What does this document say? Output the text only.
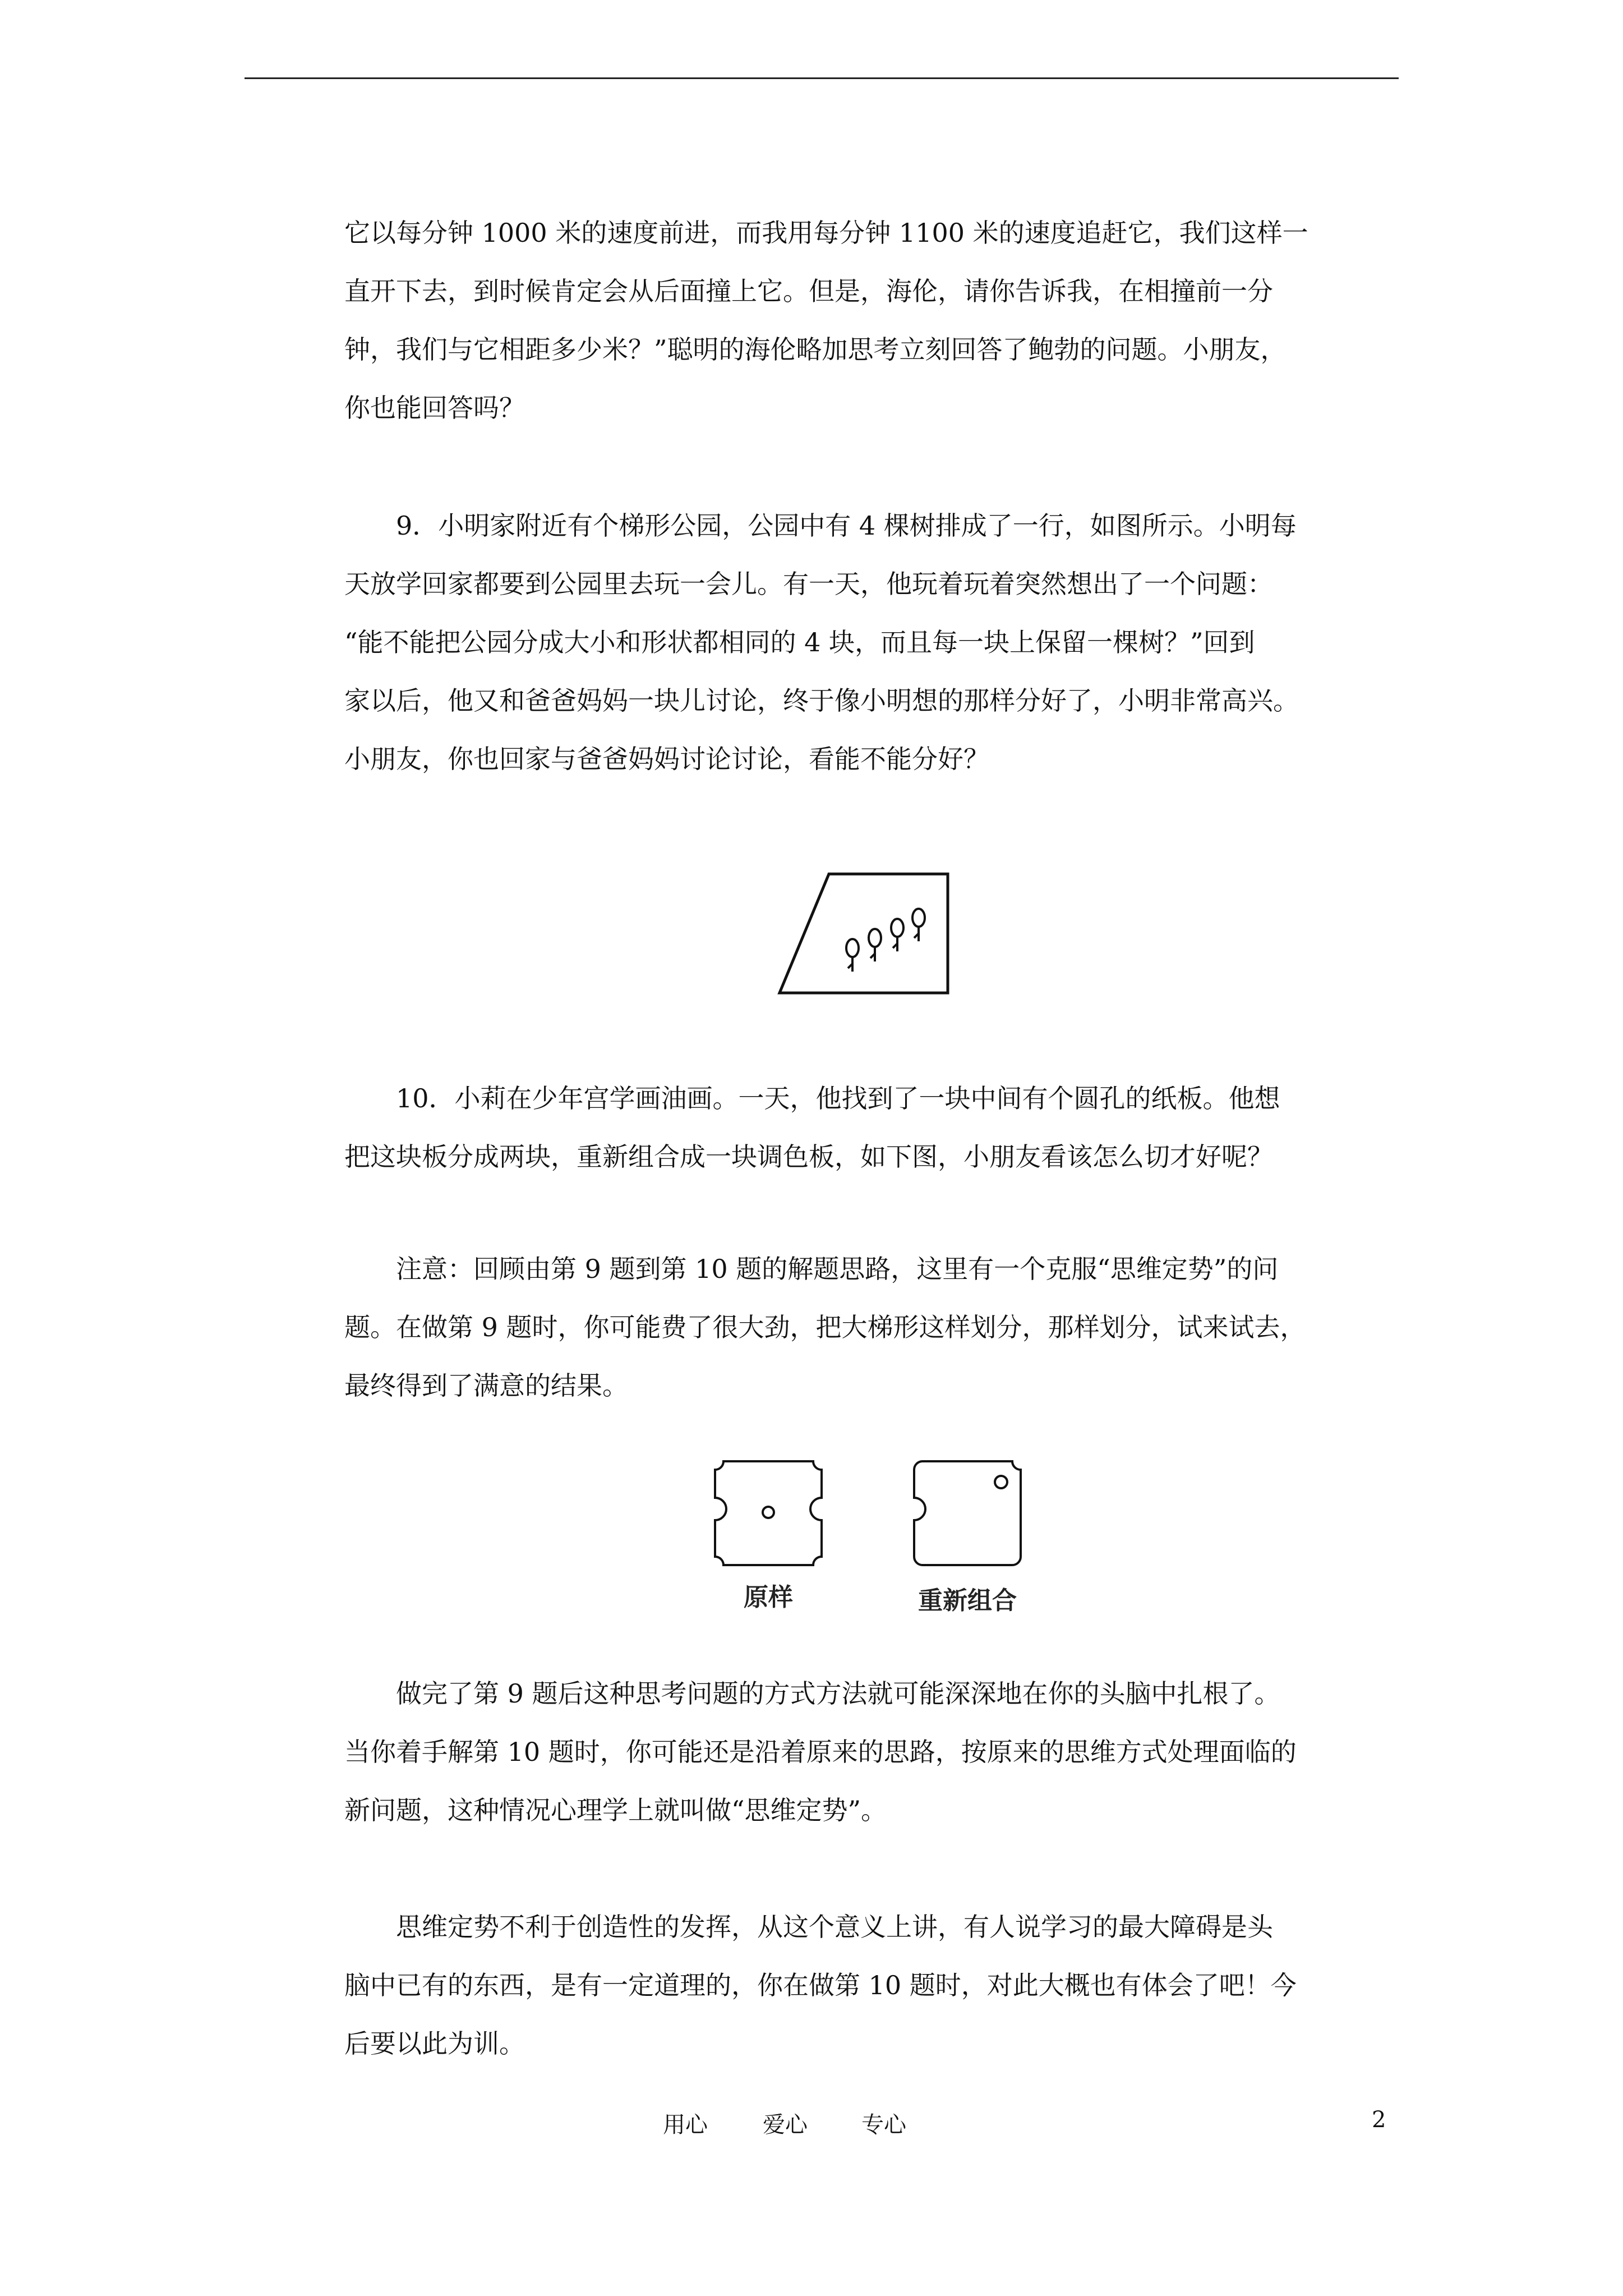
它以每分钟 1000 米的速度前进，而我用每分钟 1100 米的速度追赶它，我们这样一
直开下去，到时候肯定会从后面撞上它。但是，海伦，请你告诉我，在相撞前一分
钟，我们与它相距多少米？”聪明的海伦略加思考立刻回答了鲍勃的问题。小朋友，
你也能回答吗？
9．小明家附近有个梯形公园，公园中有 4 棵树排成了一行，如图所示。小明每
天放学回家都要到公园里去玩一会儿。有一天，他玩着玩着突然想出了一个问题：
“能不能把公园分成大小和形状都相同的 4 块，而且每一块上保留一棵树？”回到
家以后，他又和爸爸妈妈一块儿讨论，终于像小明想的那样分好了，小明非常高兴。
小朋友，你也回家与爸爸妈妈讨论讨论，看能不能分好？
10．小莉在少年宫学画油画。一天，他找到了一块中间有个圆孔的纸板。他想
把这块板分成两块，重新组合成一块调色板，如下图，小朋友看该怎么切才好呢？
注意：回顾由第 9 题到第 10 题的解题思路，这里有一个克服“思维定势”的问
题。在做第 9 题时，你可能费了很大劲，把大梯形这样划分，那样划分，试来试去，
最终得到了满意的结果。
原样	重新组合
做完了第 9 题后这种思考问题的方式方法就可能深深地在你的头脑中扎根了。
当你着手解第 10 题时，你可能还是沿着原来的思路，按原来的思维方式处理面临的
新问题，这种情况心理学上就叫做“思维定势”。
思维定势不利于创造性的发挥，从这个意义上讲，有人说学习的最大障碍是头
脑中已有的东西，是有一定道理的，你在做第 10 题时，对此大概也有体会了吧！今
后要以此为训。
用心 爱心 专心	2
